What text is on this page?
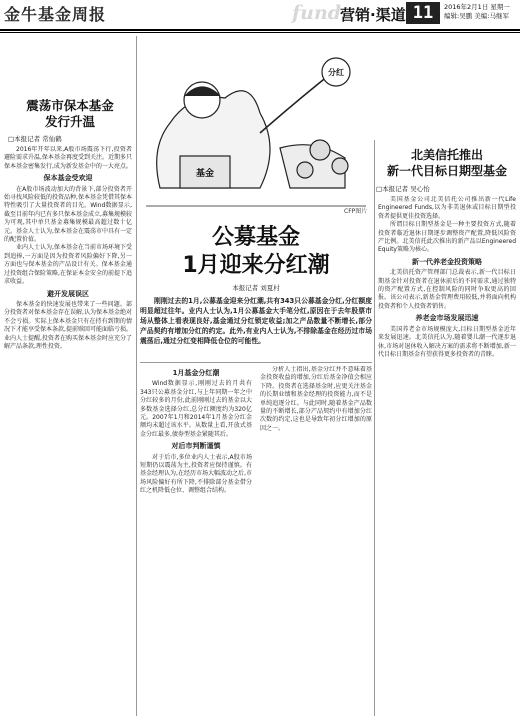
金牛基金周报	fund
营销·渠道 11	2016年2月1日 星期一
编辑:吴鹏 美编:马继军
震荡市保本基金
发行升温
□本报记者 常仙鹤

2016年开年以来,A股市场震荡下行,投资者避险需求升温,保本基金再度受到关注。近期多只保本基金密集发行,成为新发基金中的一大亮点。

保本基金受欢迎

在A股市场波动加大的背景下,部分投资者开始寻找风险较低的投资品种,保本基金凭借其保本特性吸引了大量投资者的目光。Wind数据显示,截至目前年内已有多只保本基金成立,募集规模较为可观,其中单只基金募集规模最高超过数十亿元。基金人士认为,保本基金在震荡市中具有一定的配置价值。

业内人士认为,保本基金在当前市场环境下受到追捧,一方面是因为投资者风险偏好下降,另一方面也与保本基金的产品设计有关。保本基金通过投资组合保险策略,在保证本金安全的前提下追求收益。

避开发展误区

保本基金的快速发展也带来了一些问题。部分投资者对保本基金存在误解,认为保本基金绝对不会亏损。实际上保本基金只有在持有到期的情况下才能享受保本条款,提前赎回可能面临亏损。业内人士提醒,投资者在购买保本基金时应充分了解产品条款,理性投资。

基金
分红
CFP图片
公募基金
1月迎来分红潮
本报记者 刘夏村

刚刚过去的1月,公募基金迎来分红潮,共有343只公募基金分红,分红额度明显超过往年。业内人士认为,1月公募基金大手笔分红,原因在于去年股票市场从整体上看表现良好,基金通过分红锁定收益;加之产品数量不断增长,部分产品契约有增加分红的约定。此外,有业内人士认为,不排除基金在经历过市场震荡后,通过分红变相降低仓位的可能性。

1月基金分红潮

Wind数据显示,刚刚过去的月共有343只公募基金分红,与上年同期一年之中分红较多的月份,此前刚刚过去的基金以大多数基金选择分红,总分红额度约为320亿元。2007年1月和2014年1月基金分红金额均未超过该水平。从数量上看,开放式基金分红最多,债券型基金紧随其后。

对后市判断谨慎

对于后市,多位业内人士表示,A股市场短期仍以震荡为主,投资者应保持谨慎。有基金经理认为,在经历市场大幅波动之后,市场风险偏好有所下降,不排除部分基金借分红之机降低仓位、调整组合结构。

分析人士指出,基金分红并不意味着基金投资收益的增加,分红后基金净值会相应下降。投资者在选择基金时,应更关注基金的长期业绩和基金经理的投资能力,而不是单纯追逐分红。与此同时,随着基金产品数量的不断增长,部分产品契约中有增加分红次数的约定,这也是导致年初分红增加的原因之一。

北美信托推出
新一代目标日期型基金
□本报记者 吴心怡

美国基金公司北美信托公司推出新一代Life Engineered Funds,以为非美退休或目标日期型投资者提供更佳投资选择。

所谓目标日期型基金是一种主要投资方式,随着投资者临近退休日期逐步调整资产配置,降低风险资产比例。北美信托此次推出的新产品以Engineered Equity策略为核心。

新一代养老金投资策略

北美信托资产管理部门总裁表示,新一代目标日期基金针对投资者在退休前后的不同需求,通过独特的资产配置方式,在控制风险的同时争取更高的回报。该公司表示,新基金管理费用较低,并将面向机构投资者和个人投资者销售。

养老金市场发展迅速

美国养老金市场规模庞大,目标日期型基金近年来发展迅速。北美信托认为,随着婴儿潮一代逐步退休,市场对退休收入解决方案的需求将不断增加,新一代目标日期基金有望获得更多投资者的青睐。
